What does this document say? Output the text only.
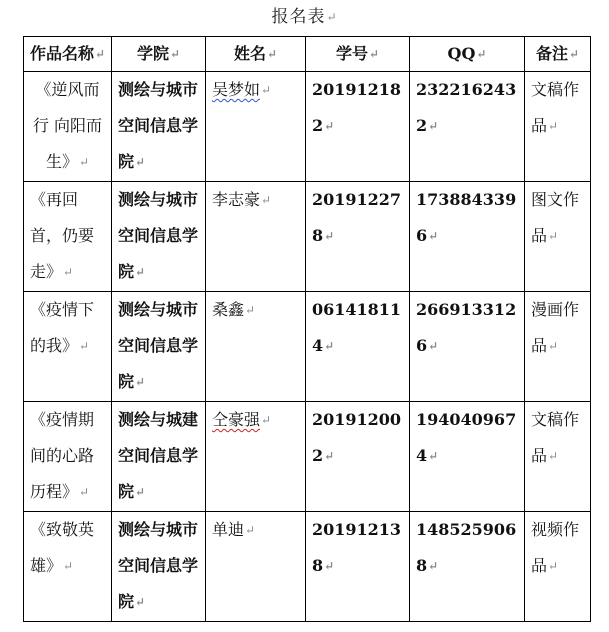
报名表↵
作品名称↵	学院↵	姓名↵	学号↵	QQ↵	备注↵
《逆风而行 向阳而生》↵	测绘与城市空间信息学院↵	吴梦如↵	201912182↵	2322162432↵	文稿作品↵
《再回首，仍要走》↵	测绘与城市空间信息学院↵	李志豪↵	201912278↵	1738843396↵	图文作品↵
《疫情下的我》↵	测绘与城市空间信息学院↵	桑鑫↵	061418114↵	2669133126↵	漫画作品↵
《疫情期间的心路历程》↵	测绘与城建空间信息学院↵	仝豪强↵	201912002↵	1940409674↵	文稿作品↵
《致敬英雄》↵	测绘与城市空间信息学院↵	单迪↵	201912138↵	1485259068↵	视频作品↵
